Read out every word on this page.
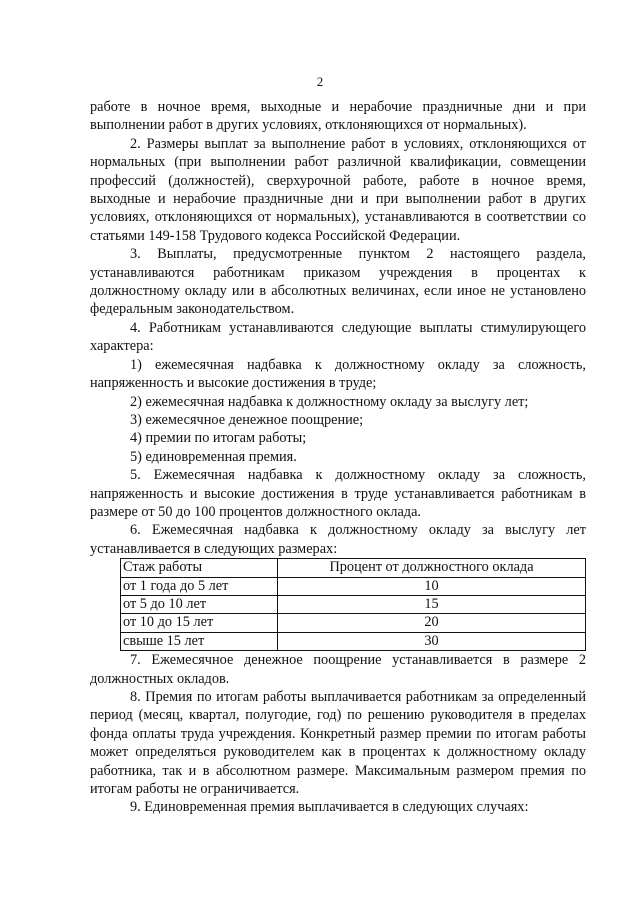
2

работе в ночное время, выходные и нерабочие праздничные дни и при выполнении работ в других условиях, отклоняющихся от нормальных).

2. Размеры выплат за выполнение работ в условиях, отклоняющихся от нормальных (при выполнении работ различной квалификации, совмещении профессий (должностей), сверхурочной работе, работе в ночное время, выходные и нерабочие праздничные дни и при выполнении работ в других условиях, отклоняющихся от нормальных), устанавливаются в соответствии со статьями 149-158 Трудового кодекса Российской Федерации.

3. Выплаты, предусмотренные пунктом 2 настоящего раздела, устанавливаются работникам приказом учреждения в процентах к должностному окладу или в абсолютных величинах, если иное не установлено федеральным законодательством.

4. Работникам устанавливаются следующие выплаты стимулирующего характера:

1) ежемесячная надбавка к должностному окладу за сложность, напряженность и высокие достижения в труде;

2) ежемесячная надбавка к должностному окладу за выслугу лет;

3) ежемесячное денежное поощрение;

4) премии по итогам работы;

5) единовременная премия.

5. Ежемесячная надбавка к должностному окладу за сложность, напряженность и высокие достижения в труде устанавливается работникам в размере от 50 до 100 процентов должностного оклада.

6. Ежемесячная надбавка к должностному окладу за выслугу лет устанавливается в следующих размерах:

Стаж работы	Процент от должностного оклада
от 1 года до 5 лет	10
от 5 до 10 лет	15
от 10 до 15 лет	20
свыше 15 лет	30

7. Ежемесячное денежное поощрение устанавливается в размере 2 должностных окладов.

8. Премия по итогам работы выплачивается работникам за определенный период (месяц, квартал, полугодие, год) по решению руководителя в пределах фонда оплаты труда учреждения. Конкретный размер премии по итогам работы может определяться руководителем как в процентах к должностному окладу работника, так и в абсолютном размере. Максимальным размером премия по итогам работы не ограничивается.

9. Единовременная премия выплачивается в следующих случаях:
